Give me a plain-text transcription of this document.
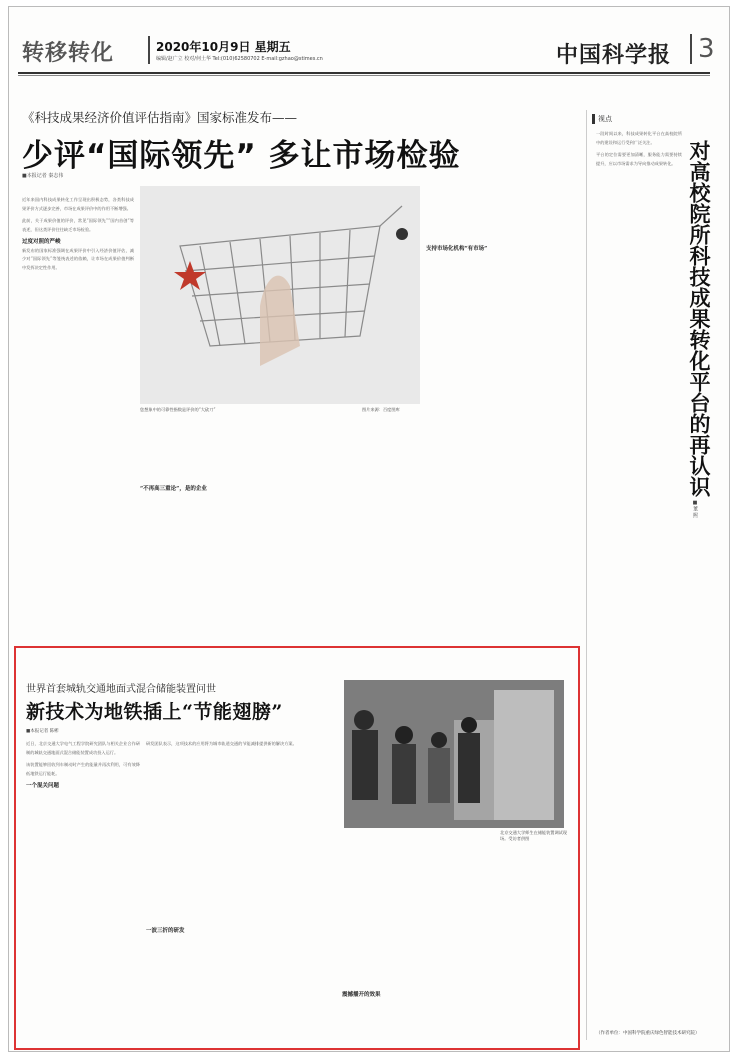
转移转化	2020年10月9日 星期五
编辑/赵广立 校对/何土华 Tel:(010)62580702 E-mail:gzhao@stimes.cn	中国科学报	3
《科技成果经济价值评估指南》国家标准发布——
少评“国际领先” 多让市场检验
■本报记者 秦志伟

近年来国内科技成果转化工作呈现出积极态势，各类科技成果评价方式逐步完善，市场在成果评价中的作用不断增强。

此前，关于成果价值的评价，常见“国际领先”“国内首创”等表述，但这类评价往往缺乏市场检验。

过度对照的严峻

新发布的国家标准强调在成果评价中引入经济价值评估，减少对“国际领先”等笼统表述的依赖，让市场在成果价值判断中发挥决定性作用。

您想象中的可靠性指数是评价的“大砍刀”	图片来源：百度图库
“不再高三重论”，是的企业
支持市场化机构“有市场”
视点
对高校院所科技成果转化平台的再认识
■董 熙

一段时间以来，科技成果转化平台在高校院所中的建设和运行受到广泛关注。

平台的定位需要更加清晰，服务能力需要持续提升，应以市场需求为导向推动成果转化。

（作者单位：中国科学院重庆绿色智能技术研究院）
世界首套城轨交通地面式混合储能装置问世
新技术为地铁插上“节能翅膀”
■本报记者 陈彬
北京交通大学师生在储能装置调试现场。受访者供图

近日，北京交通大学电气工程学院研究团队与相关企业合作研制的城轨交通地面式混合储能装置成功投入运行。

该装置能够回收列车制动时产生的能量并再次利用，可有效降低地铁运行能耗。

一个混关问题

研发团队表示，这项技术的应用将为城市轨道交通的节能减排提供新的解决方案。

一波三折的研发
震撼播开的效果
